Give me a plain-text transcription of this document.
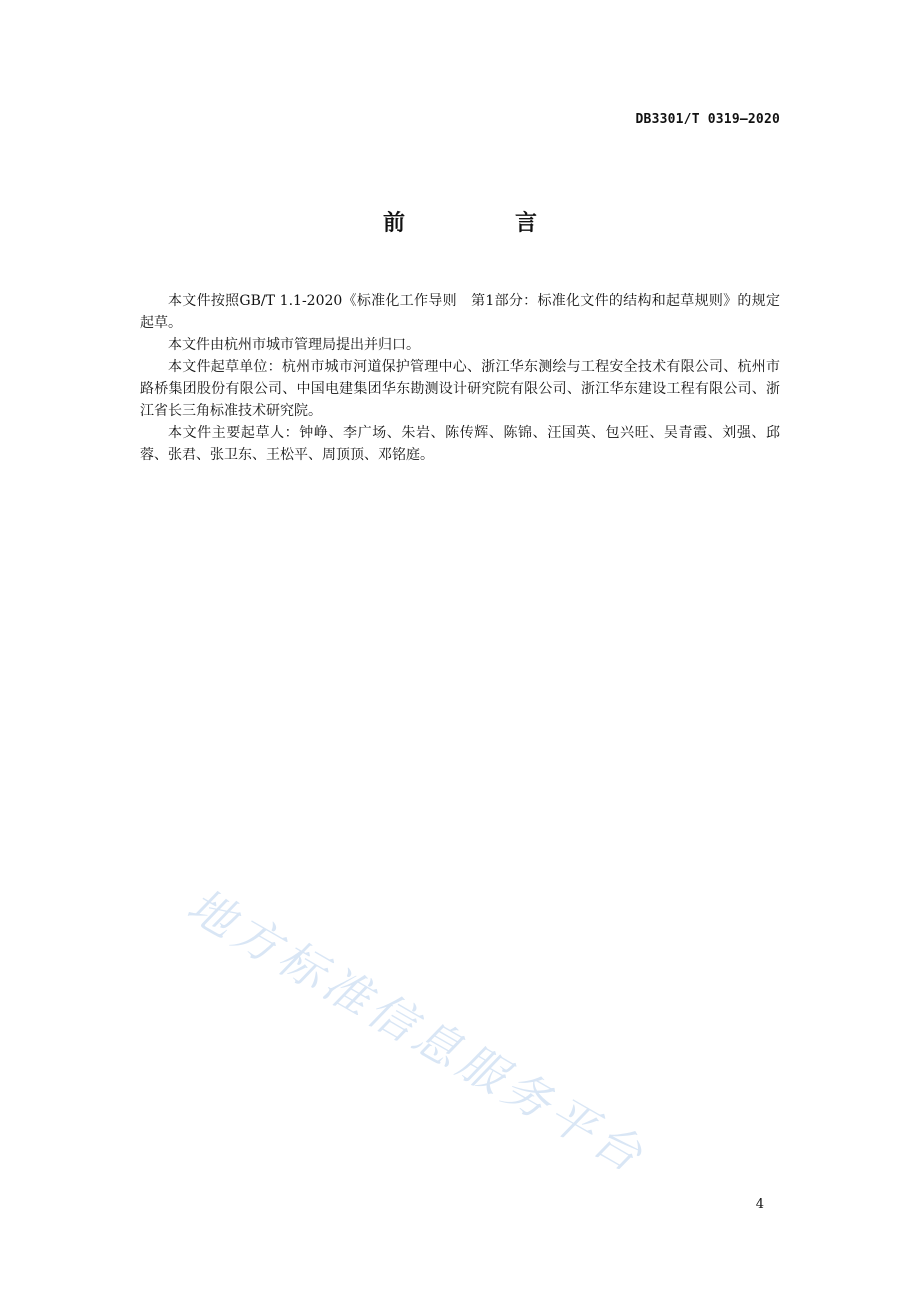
DB3301/T 0319—2020
前　言

本文件按照GB/T 1.1-2020《标准化工作导则　第1部分：标准化文件的结构和起草规则》的规定起草。

本文件由杭州市城市管理局提出并归口。

本文件起草单位：杭州市城市河道保护管理中心、浙江华东测绘与工程安全技术有限公司、杭州市路桥集团股份有限公司、中国电建集团华东勘测设计研究院有限公司、浙江华东建设工程有限公司、浙江省长三角标准技术研究院。

本文件主要起草人：钟峥、李广场、朱岩、陈传辉、陈锦、汪国英、包兴旺、吴青霞、刘强、邱蓉、张君、张卫东、王松平、周顶顶、邓铭庭。

地方标准信息服务平台
4
